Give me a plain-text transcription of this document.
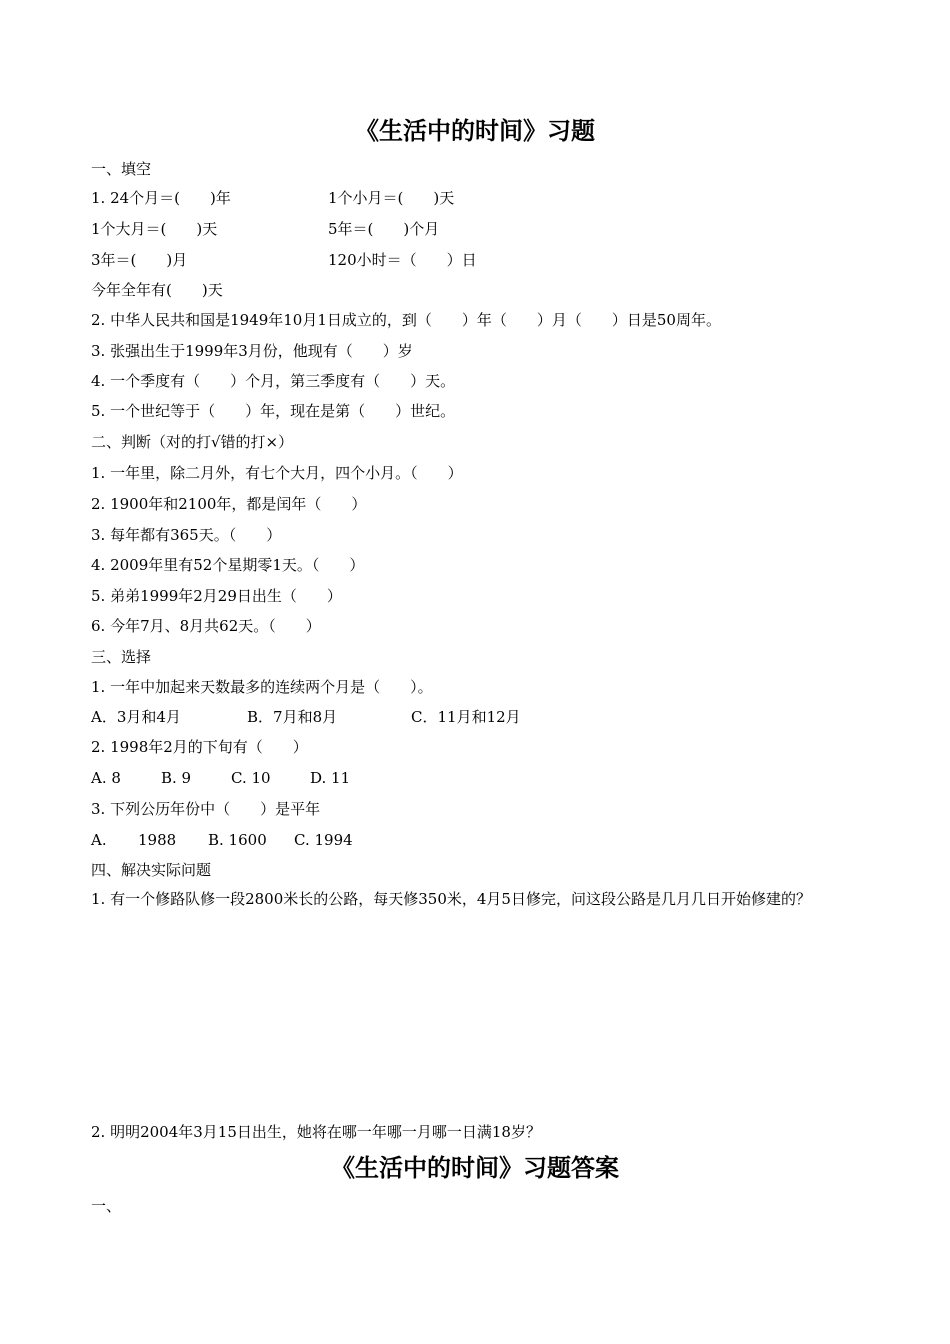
《生活中的时间》习题
一、填空
1. 24个月＝(　　)年	1个小月＝(　　)天
1个大月＝(　　)天	5年＝(　　)个月
3年＝(　　)月	120小时＝（　　）日
今年全年有(　　)天
2. 中华人民共和国是1949年10月1日成立的，到（　　）年（　　）月（　　）日是50周年。
3. 张强出生于1999年3月份，他现有（　　）岁
4. 一个季度有（　　）个月，第三季度有（　　）天。
5. 一个世纪等于（　　）年，现在是第（　　）世纪。
二、判断（对的打√错的打×）
1. 一年里，除二月外，有七个大月，四个小月。（　　）
2. 1900年和2100年，都是闰年（　　）
3. 每年都有365天。（　　）
4. 2009年里有52个星期零1天。（　　）
5. 弟弟1999年2月29日出生（　　）
6. 今年7月、8月共62天。（　　）
三、选择
1. 一年中加起来天数最多的连续两个月是（　　）。
A．3月和4月	B．7月和8月	C．11月和12月
2. 1998年2月的下旬有（　　）
A. 8	B. 9	C. 10	D. 11
3. 下列公历年份中（　　）是平年
A. 1988 B. 1600 C. 1994
四、解决实际问题
1. 有一个修路队修一段2800米长的公路，每天修350米，4月5日修完，问这段公路是几月几日开始修建的？
2. 明明2004年3月15日出生，她将在哪一年哪一月哪一日满18岁？
《生活中的时间》习题答案
一、
